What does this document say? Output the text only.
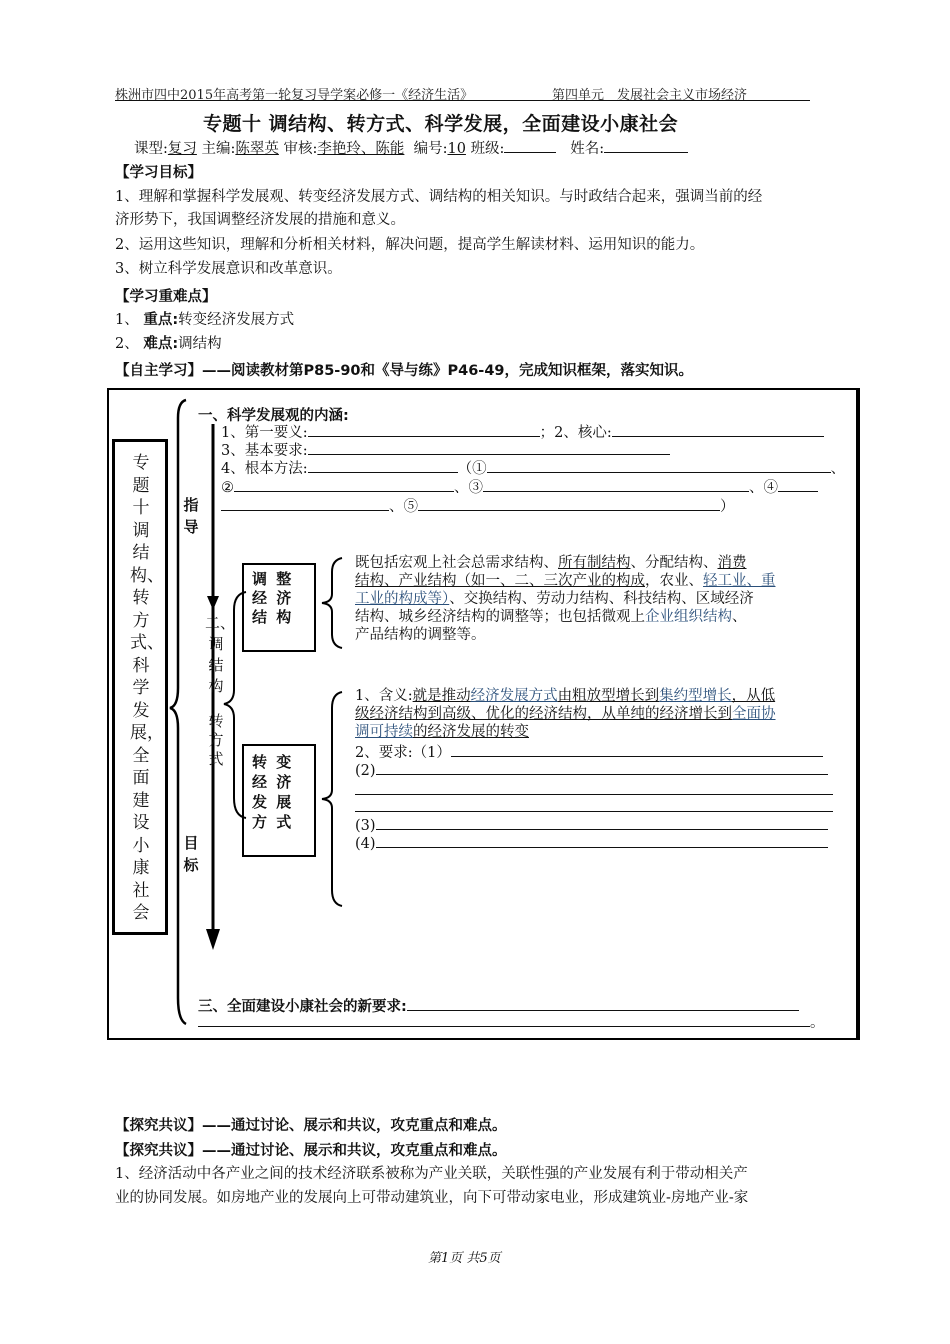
株洲市四中2015年高考第一轮复习导学案必修一《经济生活》	第四单元　发展社会主义市场经济
专题十 调结构、转方式、科学发展，全面建设小康社会
课型:复习 主编:陈翠英 审核:李艳玲、陈能 编号:10 班级:	姓名:
【学习目标】
1、理解和掌握科学发展观、转变经济发展方式、调结构的相关知识。与时政结合起来，强调当前的经
济形势下，我国调整经济发展的措施和意义。
2、运用这些知识，理解和分析相关材料，解决问题，提高学生解读材料、运用知识的能力。
3、树立科学发展意识和改革意识。
【学习重难点】
1、 重点:转变经济发展方式
2、 难点:调结构
【自主学习】——阅读教材第P85-90和《导与练》P46-49，完成知识框架，落实知识。
专题十 调结构、转方式、科学发展，全面建设小康社会
指导
目标
二、调结构
转方式
一、科学发展观的内涵:
1、第一要义:	；2、核心:
3、基本要求:
4、根本方法:	（①	、
②	、③	、④
、⑤	）
调 整 经 济 结 构
既包括宏观上社会总需求结构、所有制结构、分配结构、消费
结构、产业结构（如一、二、三次产业的构成，农业、轻工业、重
工业的构成等）、交换结构、劳动力结构、科技结构、区域经济
结构、城乡经济结构的调整等；也包括微观上企业组织结构、
产品结构的调整等。
转 变 经 济 发 展 方 式
1、含义:就是推动经济发展方式由粗放型增长到集约型增长，从低
级经济结构到高级、优化的经济结构，从单纯的经济增长到全面协
调可持续的经济发展的转变
2、要求:（1）
(2)
(3)
(4)
三、全面建设小康社会的新要求:
。
【探究共议】——通过讨论、展示和共议，攻克重点和难点。
【探究共议】——通过讨论、展示和共议，攻克重点和难点。
1、经济活动中各产业之间的技术经济联系被称为产业关联，关联性强的产业发展有利于带动相关产
业的协同发展。如房地产业的发展向上可带动建筑业，向下可带动家电业，形成建筑业-房地产业-家
第1页 共5页
